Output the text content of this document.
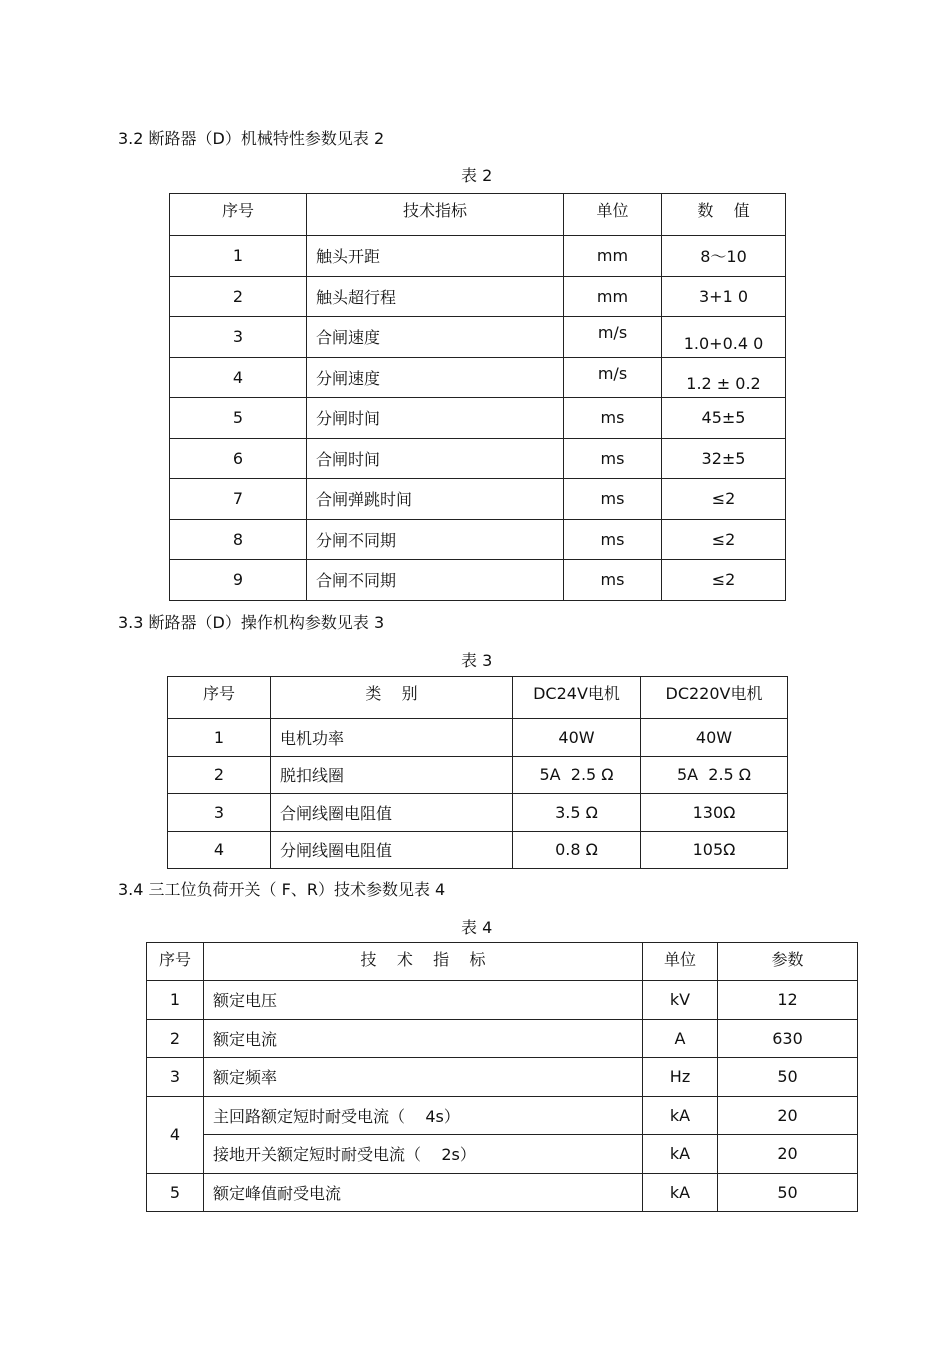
3.2 断路器（D）机械特性参数见表 2
表 2
序号	技术指标	单位	数    值
1	触头开距	mm	8～10
2	触头超行程	mm	3+1 0
3	合闸速度	m/s	1.0+0.4 0
4	分闸速度	m/s	1.2 ± 0.2
5	分闸时间	ms	45±5
6	合闸时间	ms	32±5
7	合闸弹跳时间	ms	≤2
8	分闸不同期	ms	≤2
9	合闸不同期	ms	≤2
3.3 断路器（D）操作机构参数见表 3
表 3
序号	类    别	DC24V电机	DC220V电机
1	电机功率	40W	40W
2	脱扣线圈	5A  2.5 Ω	5A  2.5 Ω
3	合闸线圈电阻值	3.5 Ω	130Ω
4	分闸线圈电阻值	0.8 Ω	105Ω
3.4 三工位负荷开关（ F、R）技术参数见表 4
表 4
序号	技    术    指    标	单位	参数
1	额定电压	kV	12
2	额定电流	A	630
3	额定频率	Hz	50
4	主回路额定短时耐受电流（    4s）	kA	20
	接地开关额定短时耐受电流（    2s）	kA	20
5	额定峰值耐受电流	kA	50
